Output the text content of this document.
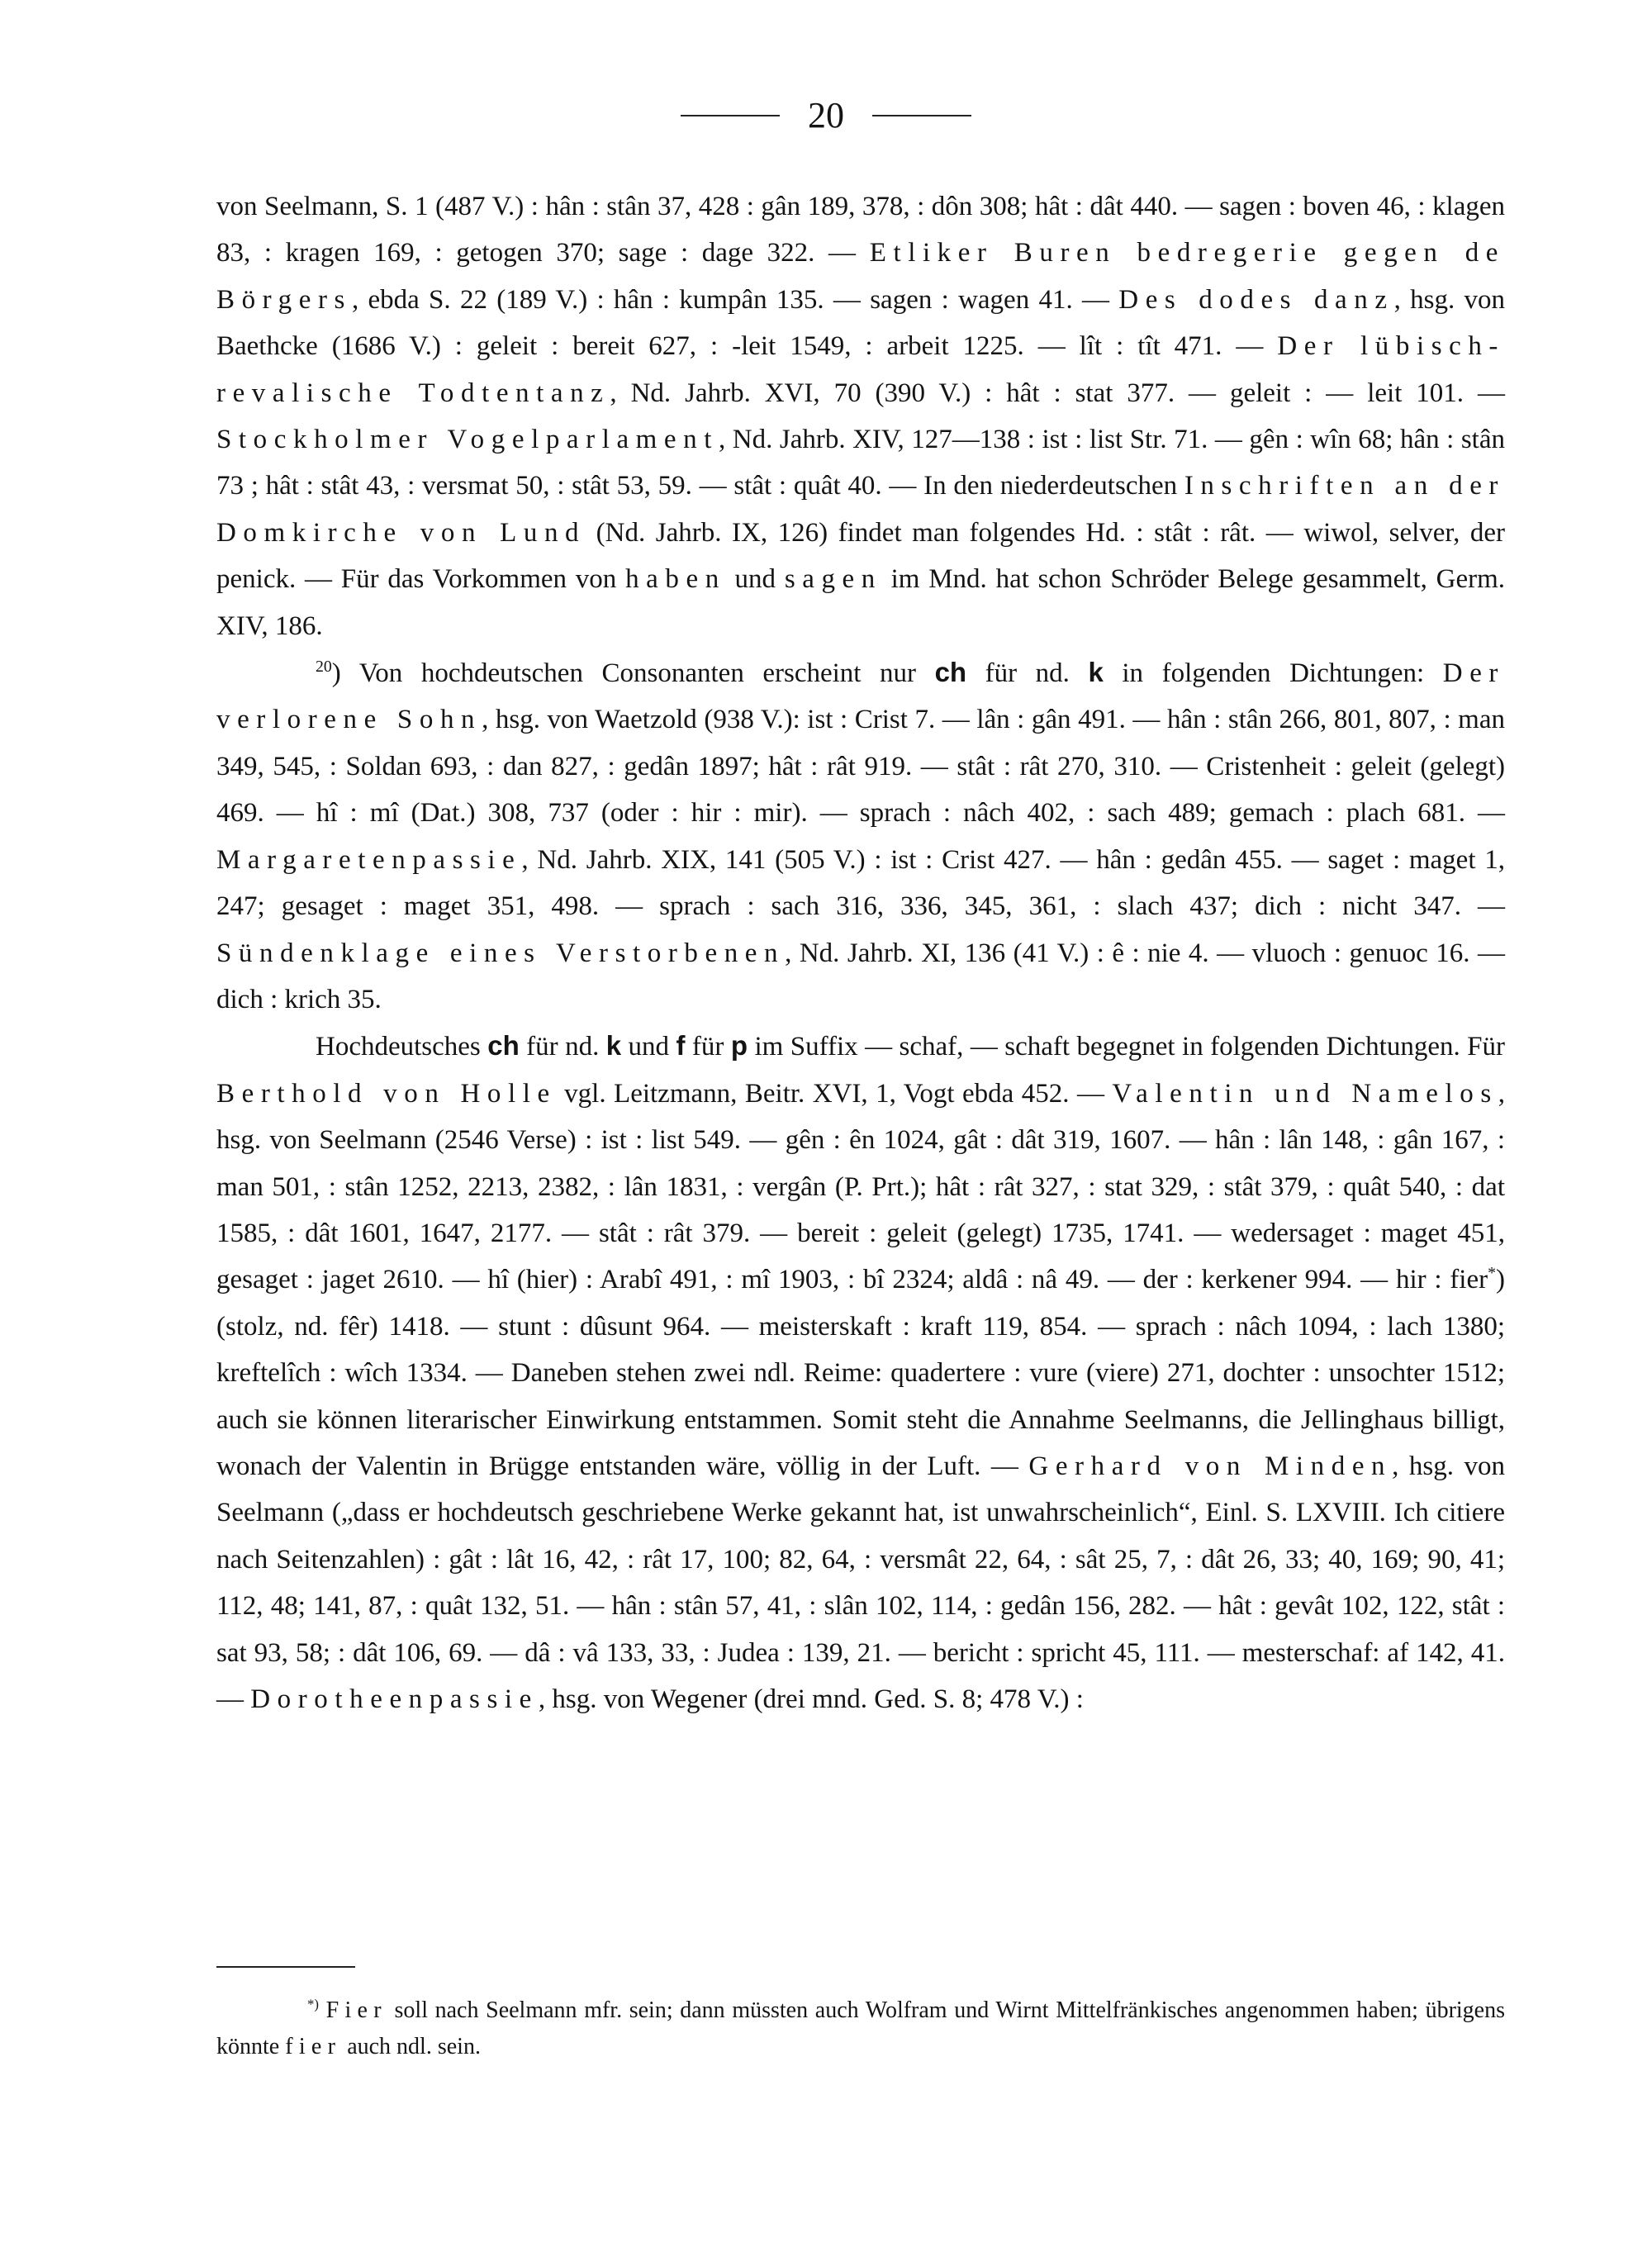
20

von Seelmann, S. 1 (487 V.) : hân : stân 37, 428 : gân 189, 378, : dôn 308; hât : dât 440. — sagen : boven 46, : klagen 83, : kragen 169, : getogen 370; sage : dage 322. — Etliker Buren bedregerie gegen de Börgers, ebda S. 22 (189 V.) : hân : kumpân 135. — sagen : wagen 41. — Des dodes danz, hsg. von Baethcke (1686 V.) : geleit : bereit 627, : -leit 1549, : arbeit 1225. — lît : tît 471. — Der lübisch-revalische Todtentanz, Nd. Jahrb. XVI, 70 (390 V.) : hât : stat 377. — geleit : — leit 101. — Stockholmer Vogelparlament, Nd. Jahrb. XIV, 127—138 : ist : list Str. 71. — gên : wîn 68; hân : stân 73 ; hât : stât 43, : versmat 50, : stât 53, 59. — stât : quât 40. — In den niederdeutschen Inschriften an der Domkirche von Lund (Nd. Jahrb. IX, 126) findet man folgendes Hd. : stât : rât. — wiwol, selver, der penick. — Für das Vorkommen von haben und sagen im Mnd. hat schon Schröder Belege gesammelt, Germ. XIV, 186.

$^{20}$) Von hochdeutschen Consonanten erscheint nur ch für nd. k in folgenden Dichtungen: Der verlorene Sohn, hsg. von Waetzold (938 V.): ist : Crist 7. — lân : gân 491. — hân : stân 266, 801, 807, : man 349, 545, : Soldan 693, : dan 827, : gedân 1897; hât : rât 919. — stât : rât 270, 310. — Cristenheit : geleit (gelegt) 469. — hî : mî (Dat.) 308, 737 (oder : hir : mir). — sprach : nâch 402, : sach 489; gemach : plach 681. — Margaretenpassie, Nd. Jahrb. XIX, 141 (505 V.) : ist : Crist 427. — hân : gedân 455. — saget : maget 1, 247; gesaget : maget 351, 498. — sprach : sach 316, 336, 345, 361, : slach 437; dich : nicht 347. — Sündenklage eines Verstorbenen, Nd. Jahrb. XI, 136 (41 V.) : ê : nie 4. — vluoch : genuoc 16. — dich : krich 35.

Hochdeutsches ch für nd. k und f für p im Suffix — schaf, — schaft begegnet in folgenden Dichtungen. Für Berthold von Holle vgl. Leitzmann, Beitr. XVI, 1, Vogt ebda 452. — Valentin und Namelos, hsg. von Seelmann (2546 Verse) : ist : list 549. — gên : ên 1024, gât : dât 319, 1607. — hân : lân 148, : gân 167, : man 501, : stân 1252, 2213, 2382, : lân 1831, : vergân (P. Prt.); hât : rât 327, : stat 329, : stât 379, : quât 540, : dat 1585, : dât 1601, 1647, 2177. — stât : rât 379. — bereit : geleit (gelegt) 1735, 1741. — wedersaget : maget 451, gesaget : jaget 2610. — hî (hier) : Arabî 491, : mî 1903, : bî 2324; aldâ : nâ 49. — der : kerkener 994. — hir : fier*) (stolz, nd. fêr) 1418. — stunt : dûsunt 964. — meisterskaft : kraft 119, 854. — sprach : nâch 1094, : lach 1380; kreftelîch : wîch 1334. — Daneben stehen zwei ndl. Reime: quadertere : vure (viere) 271, dochter : unsochter 1512; auch sie können literarischer Einwirkung entstammen. Somit steht die Annahme Seelmanns, die Jellinghaus billigt, wonach der Valentin in Brügge entstanden wäre, völlig in der Luft. — Gerhard von Minden, hsg. von Seelmann („dass er hochdeutsch geschriebene Werke gekannt hat, ist unwahrscheinlich“, Einl. S. LXVIII. Ich citiere nach Seitenzahlen) : gât : lât 16, 42, : rât 17, 100; 82, 64, : versmât 22, 64, : sât 25, 7, : dât 26, 33; 40, 169; 90, 41; 112, 48; 141, 87, : quât 132, 51. — hân : stân 57, 41, : slân 102, 114, : gedân 156, 282. — hât : gevât 102, 122, stât : sat 93, 58; : dât 106, 69. — dâ : vâ 133, 33, : Judea : 139, 21. — bericht : spricht 45, 111. — mesterschaf: af 142, 41. — Dorotheenpassie, hsg. von Wegener (drei mnd. Ged. S. 8; 478 V.) :

*) Fier soll nach Seelmann mfr. sein; dann müssten auch Wolfram und Wirnt Mittelfränkisches angenommen haben; übrigens könnte fier auch ndl. sein.
